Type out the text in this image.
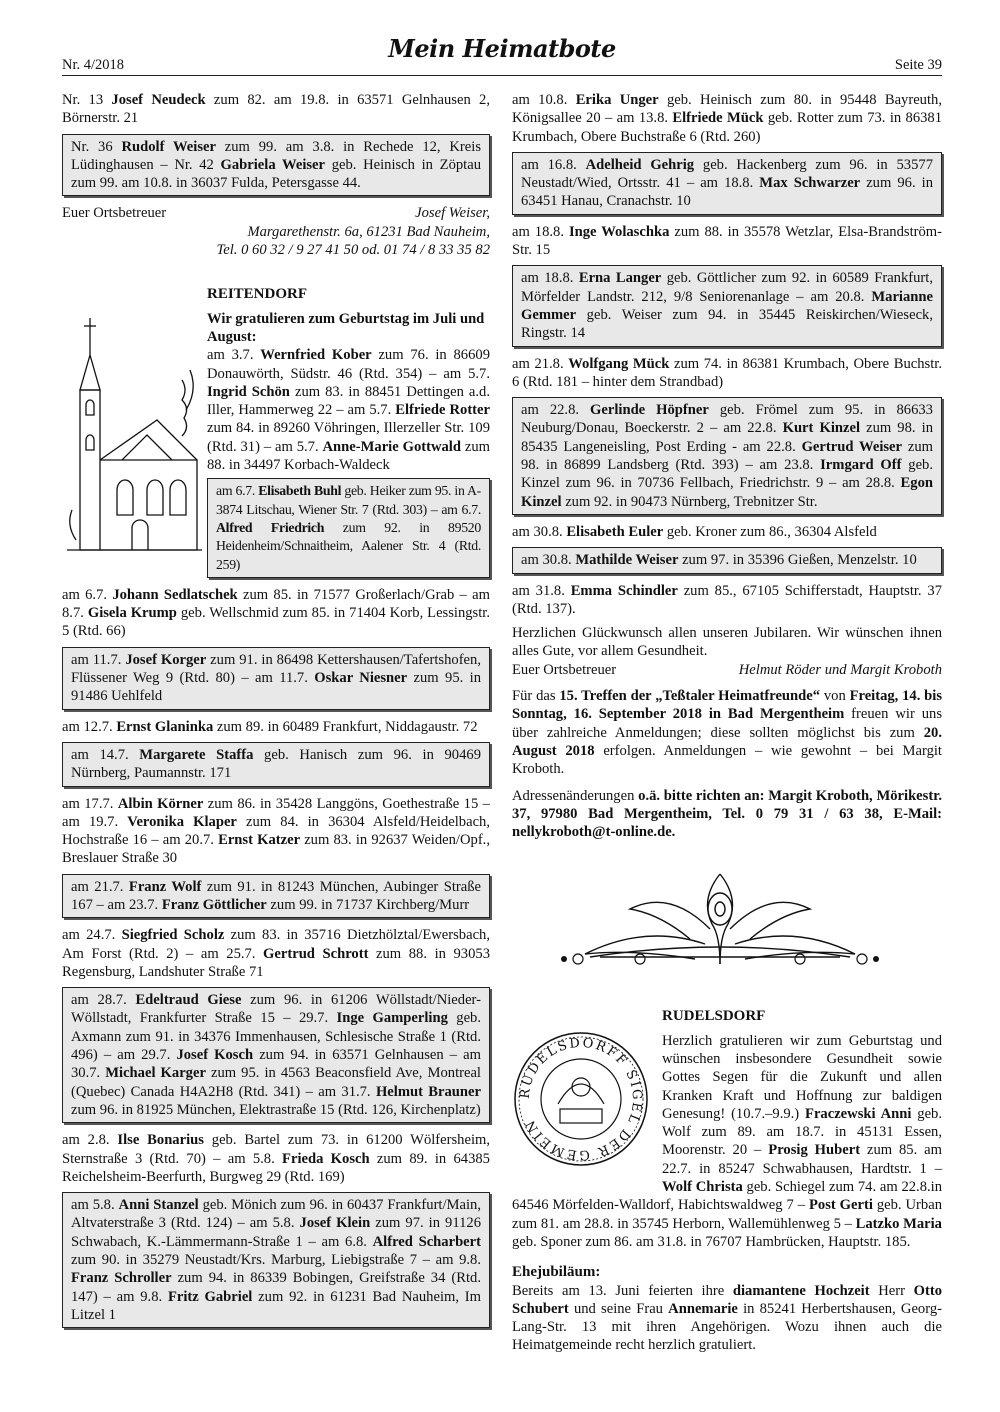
Nr. 4/2018
Mein Heimatbote
Seite 39
Nr. 13 Josef Neudeck zum 82. am 19.8. in 63571 Gelnhausen 2, Börnerstr. 21
Nr. 36 Rudolf Weiser zum 99. am 3.8. in Rechede 12, Kreis Lüdinghausen – Nr. 42 Gabriela Weiser geb. Heinisch in Zöptau zum 99. am 10.8. in 36037 Fulda, Petersgasse 44.
Euer Ortsbetreuer	Josef Weiser,
Margarethenstr. 6a, 61231 Bad Nauheim,
Tel. 0 60 32 / 9 27 41 50 od. 01 74 / 8 33 35 82
REITENDORF
Wir gratulieren zum Geburtstag im Juli und August:
am 3.7. Wernfried Kober zum 76. in 86609 Donauwörth, Südstr. 46 (Rtd. 354) – am 5.7. Ingrid Schön zum 83. in 88451 Dettingen a.d. Iller, Hammerweg 22 – am 5.7. Elfriede Rotter zum 84. in 89260 Vöhringen, Illerzeller Str. 109 (Rtd. 31) – am 5.7. Anne-Marie Gottwald zum 88. in 34497 Korbach-Waldeck
am 6.7. Elisabeth Buhl geb. Heiker zum 95. in A-3874 Litschau, Wiener Str. 7 (Rtd. 303) – am 6.7. Alfred Friedrich zum 92. in 89520 Heidenheim/Schnaitheim, Aalener Str. 4 (Rtd. 259)
am 6.7. Johann Sedlatschek zum 85. in 71577 Großerlach/Grab – am 8.7. Gisela Krump geb. Wellschmid zum 85. in 71404 Korb, Lessingstr. 5 (Rtd. 66)
am 11.7. Josef Korger zum 91. in 86498 Kettershausen/Tafertshofen, Flüssener Weg 9 (Rtd. 80) – am 11.7. Oskar Niesner zum 95. in 91486 Uehlfeld
am 12.7. Ernst Glaninka zum 89. in 60489 Frankfurt, Niddagaustr. 72
am 14.7. Margarete Staffa geb. Hanisch zum 96. in 90469 Nürnberg, Paumannstr. 171
am 17.7. Albin Körner zum 86. in 35428 Langgöns, Goethestraße 15 – am 19.7. Veronika Klaper zum 84. in 36304 Alsfeld/Heidelbach, Hochstraße 16 – am 20.7. Ernst Katzer zum 83. in 92637 Weiden/Opf., Breslauer Straße 30
am 21.7. Franz Wolf zum 91. in 81243 München, Aubinger Straße 167 – am 23.7. Franz Göttlicher zum 99. in 71737 Kirchberg/Murr
am 24.7. Siegfried Scholz zum 83. in 35716 Dietzhölztal/Ewersbach, Am Forst (Rtd. 2) – am 25.7. Gertrud Schrott zum 88. in 93053 Regensburg, Landshuter Straße 71
am 28.7. Edeltraud Giese zum 96. in 61206 Wöllstadt/Nieder-Wöllstadt, Frankfurter Straße 15 – 29.7. Inge Gamperling geb. Axmann zum 91. in 34376 Immenhausen, Schlesische Straße 1 (Rtd. 496) – am 29.7. Josef Kosch zum 94. in 63571 Gelnhausen – am 30.7. Michael Karger zum 95. in 4563 Beaconsfield Ave, Montreal (Quebec) Canada H4A2H8 (Rtd. 341) – am 31.7. Helmut Brauner zum 96. in 81925 München, Elektrastraße 15 (Rtd. 126, Kirchenplatz)
am 2.8. Ilse Bonarius geb. Bartel zum 73. in 61200 Wölfersheim, Sternstraße 3 (Rtd. 70) – am 5.8. Frieda Kosch zum 89. in 64385 Reichelsheim-Beerfurth, Burgweg 29 (Rtd. 169)
am 5.8. Anni Stanzel geb. Mönich zum 96. in 60437 Frankfurt/Main, Altvaterstraße 3 (Rtd. 124) – am 5.8. Josef Klein zum 97. in 91126 Schwabach, K.-Lämmermann-Straße 1 – am 6.8. Alfred Scharbert zum 90. in 35279 Neustadt/Krs. Marburg, Liebigstraße 7 – am 9.8. Franz Schroller zum 94. in 86339 Bobingen, Greifstraße 34 (Rtd. 147) – am 9.8. Fritz Gabriel zum 92. in 61231 Bad Nauheim, Im Litzel 1
am 10.8. Erika Unger geb. Heinisch zum 80. in 95448 Bayreuth, Königsallee 20 – am 13.8. Elfriede Mück geb. Rotter zum 73. in 86381 Krumbach, Obere Buchstraße 6 (Rtd. 260)
am 16.8. Adelheid Gehrig geb. Hackenberg zum 96. in 53577 Neustadt/Wied, Ortsstr. 41 – am 18.8. Max Schwarzer zum 96. in 63451 Hanau, Cranachstr. 10
am 18.8. Inge Wolaschka zum 88. in 35578 Wetzlar, Elsa-Brandström-Str. 15
am 18.8. Erna Langer geb. Göttlicher zum 92. in 60589 Frankfurt, Mörfelder Landstr. 212, 9/8 Seniorenanlage – am 20.8. Marianne Gemmer geb. Weiser zum 94. in 35445 Reiskirchen/Wieseck, Ringstr. 14
am 21.8. Wolfgang Mück zum 74. in 86381 Krumbach, Obere Buchstr. 6 (Rtd. 181 – hinter dem Strandbad)
am 22.8. Gerlinde Höpfner geb. Frömel zum 95. in 86633 Neuburg/Donau, Boeckerstr. 2 – am 22.8. Kurt Kinzel zum 98. in 85435 Langeneisling, Post Erding - am 22.8. Gertrud Weiser zum 98. in 86899 Landsberg (Rtd. 393) – am 23.8. Irmgard Off geb. Kinzel zum 96. in 70736 Fellbach, Friedrichstr. 9 – am 28.8. Egon Kinzel zum 92. in 90473 Nürnberg, Trebnitzer Str.
am 30.8. Elisabeth Euler geb. Kroner zum 86., 36304 Alsfeld
am 30.8. Mathilde Weiser zum 97. in 35396 Gießen, Menzelstr. 10
am 31.8. Emma Schindler zum 85., 67105 Schifferstadt, Hauptstr. 37 (Rtd. 137).
Herzlichen Glückwunsch allen unseren Jubilaren. Wir wünschen ihnen alles Gute, vor allem Gesundheit.
Euer Ortsbetreuer	Helmut Röder und Margit Kroboth
Für das 15. Treffen der „Teßtaler Heimatfreunde“ von Freitag, 14. bis Sonntag, 16. September 2018 in Bad Mergentheim freuen wir uns über zahlreiche Anmeldungen; diese sollten möglichst bis zum 20. August 2018 erfolgen. Anmeldungen – wie gewohnt – bei Margit Kroboth.
Adressenänderungen o.ä. bitte richten an: Margit Kroboth, Mörikestr. 37, 97980 Bad Mergentheim, Tel. 0 79 31 / 63 38, E-Mail: nellykroboth@t-online.de.
RUDELSDORFF SIGEL DER GEMEIN
RUDELSDORF
Herzlich gratulieren wir zum Geburtstag und wünschen insbesondere Gesundheit sowie Gottes Segen für die Zukunft und allen Kranken Kraft und Hoffnung zur baldigen Genesung! (10.7.–9.9.) Fraczewski Anni geb. Wolf zum 89. am 18.7. in 45131 Essen, Moorenstr. 20 – Prosig Hubert zum 85. am 22.7. in 85247 Schwabhausen, Hardtstr. 1 – Wolf Christa geb. Schiegel zum 74. am 22.8.in 64546 Mörfelden-Walldorf, Habichtswaldweg 7 – Post Gerti geb. Urban zum 81. am 28.8. in 35745 Herborn, Wallemühlenweg 5 – Latzko Maria geb. Sponer zum 86. am 31.8. in 76707 Hambrücken, Hauptstr. 185.
Ehejubiläum:
Bereits am 13. Juni feierten ihre diamantene Hochzeit Herr Otto Schubert und seine Frau Annemarie in 85241 Herbertshausen, Georg-Lang-Str. 13 mit ihren Angehörigen. Wozu ihnen auch die Heimatgemeinde recht herzlich gratuliert.
